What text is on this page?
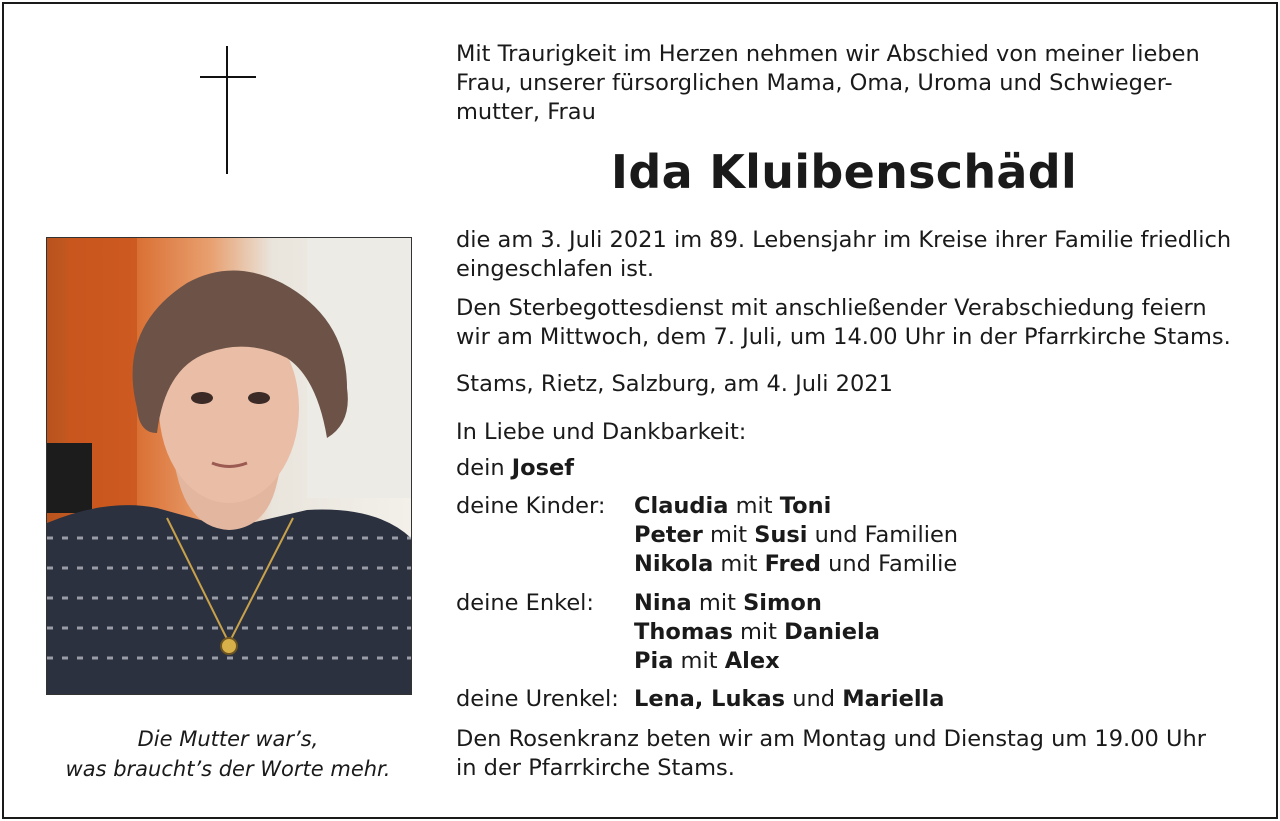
Die Mutter war’s,
was braucht’s der Worte mehr.
Mit Traurigkeit im Herzen nehmen wir Abschied von meiner lieben
Frau, unserer fürsorglichen Mama, Oma, Uroma und Schwieger-
mutter, Frau
Ida Kluibenschädl
die am 3. Juli 2021 im 89. Lebensjahr im Kreise ihrer Familie friedlich
eingeschlafen ist.
Den Sterbegottesdienst mit anschließender Verabschiedung feiern
wir am Mittwoch, dem 7. Juli, um 14.00 Uhr in der Pfarrkirche Stams.
Stams, Rietz, Salzburg, am 4. Juli 2021
In Liebe und Dankbarkeit:
dein Josef
deine Kinder: Claudia mit Toni
Peter mit Susi und Familien
Nikola mit Fred und Familie
deine Enkel: Nina mit Simon
Thomas mit Daniela
Pia mit Alex
deine Urenkel: Lena, Lukas und Mariella
Den Rosenkranz beten wir am Montag und Dienstag um 19.00 Uhr
in der Pfarrkirche Stams.
